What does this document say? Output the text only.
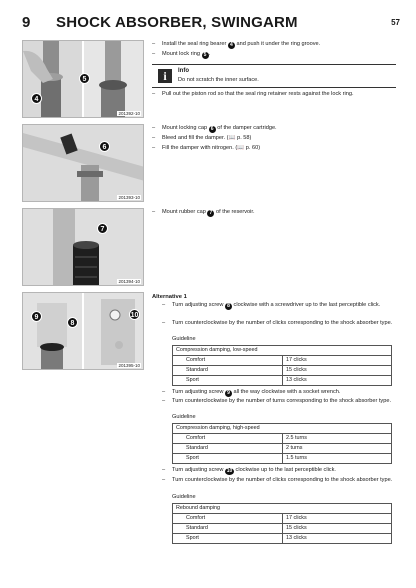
9 SHOCK ABSORBER, SWINGARM	57
5
4
201392-10
6
201393-10
7
201394-10
9
8
10
201395-10
– Install the seal ring bearer 4 and push it under the ring groove.
– Mount lock ring 5 .
i	Info
Do not scratch the inner surface.
– Pull out the piston rod so that the seal ring retainer rests against the lock ring.
– Mount locking cap 6 of the damper cartridge.
– Bleed and fill the damper. (📖 p. 58)
– Fill the damper with nitrogen. (📖 p. 60)
– Mount rubber cap 7 of the reservoir.
Alternative 1
– Turn adjusting screw 8 clockwise with a screwdriver up to the last perceptible click.
– Turn counterclockwise by the number of clicks corresponding to the shock absorber type.
Guideline
Compression damping, low-speed	
Comfort	17 clicks
Standard	15 clicks
Sport	13 clicks
– Turn adjusting screw 9 all the way clockwise with a socket wrench.
– Turn counterclockwise by the number of turns corresponding to the shock absorber type.
Guideline
Compression damping, high-speed	
Comfort	2.5 turns
Standard	2 turns
Sport	1.5 turns
– Turn adjusting screw 10 clockwise up to the last perceptible click.
– Turn counterclockwise by the number of clicks corresponding to the shock absorber type.
Guideline
Rebound damping	
Comfort	17 clicks
Standard	15 clicks
Sport	13 clicks
